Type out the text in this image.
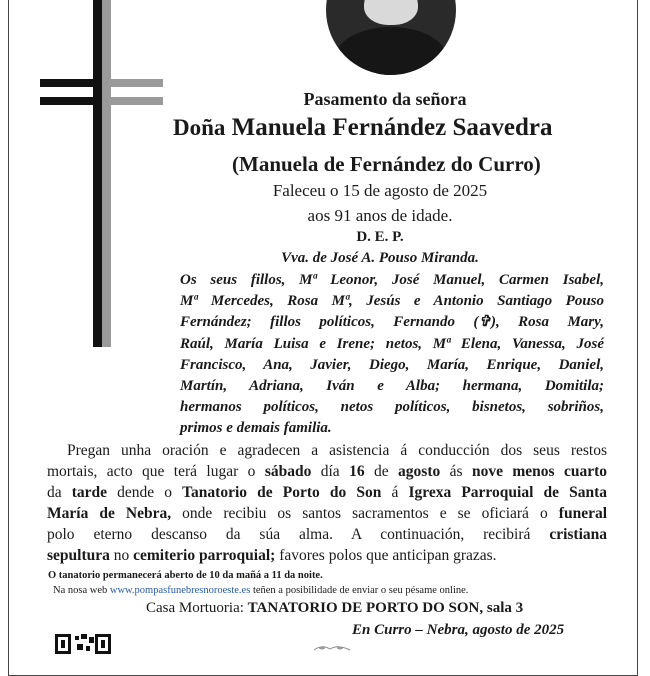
Pasamento da señora
Doña Manuela Fernández Saavedra
(Manuela de Fernández do Curro)
Faleceu o 15 de agosto de 2025
aos 91 anos de idade.
D. E. P.
Vva. de José A. Pouso Miranda.
Os seus fillos, Mª Leonor, José Manuel, Carmen Isabel,
Mª Mercedes, Rosa Mª, Jesús e Antonio Santiago Pouso
Fernández; fillos políticos, Fernando (✞), Rosa Mary,
Raúl, María Luisa e Irene; netos, Mª Elena, Vanessa, José
Francisco, Ana, Javier, Diego, María, Enrique, Daniel,
Martín, Adriana, Iván e Alba; hermana, Domitila;
hermanos políticos, netos políticos, bisnetos, sobriños,
primos e demais familia.
Pregan unha oración e agradecen a asistencia á conducción dos seus restos
mortais, acto que terá lugar o sábado día 16 de agosto ás nove menos cuarto
da tarde dende o Tanatorio de Porto do Son á Igrexa Parroquial de Santa
María de Nebra, onde recibiu os santos sacramentos e se oficiará o funeral
polo eterno descanso da súa alma. A continuación, recibirá cristiana
sepultura no cemiterio parroquial; favores polos que anticipan grazas.
O tanatorio permanecerá aberto de 10 da mañá a 11 da noite.
Na nosa web www.pompasfunebresnoroeste.es teñen a posibilidade de enviar o seu pésame online.
Casa Mortuoria: TANATORIO DE PORTO DO SON, sala 3
En Curro – Nebra, agosto de 2025
